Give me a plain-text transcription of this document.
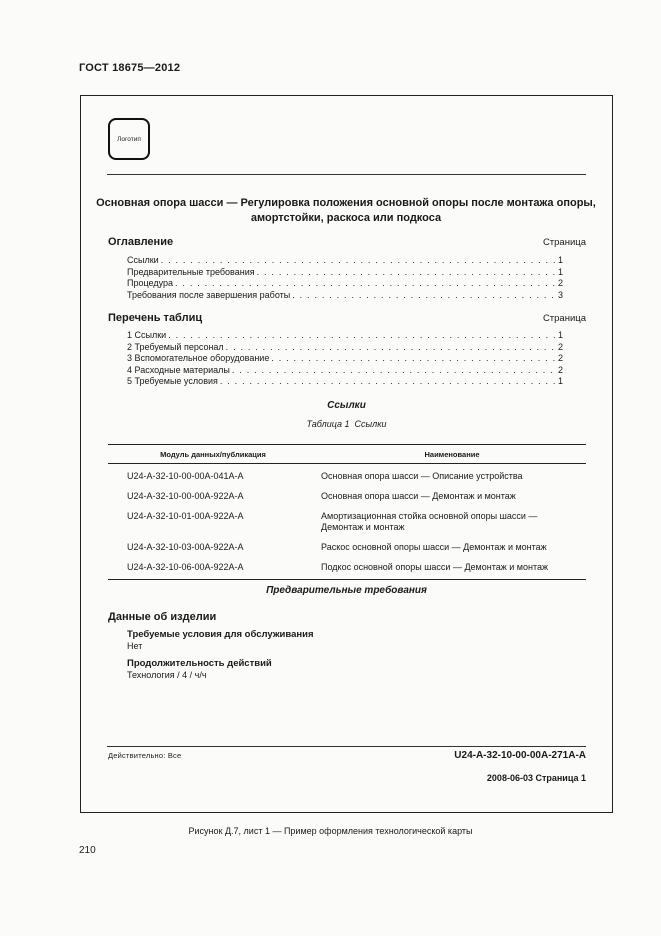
ГОСТ 18675—2012
Логотип
Основная опора шасси — Регулировка положения основной опоры после монтажа опоры,
амортстойки, раскоса или подкоса
Оглавление	Страница
Ссылки . . .	1
Предварительные требования . . .	1
Процедура . . .	2
Требования после завершения работы . . .	3
Перечень таблиц	Страница
1 Ссылки . . .	1
2 Требуемый персонал . . .	2
3 Вспомогательное оборудование . . .	2
4 Расходные материалы . . .	2
5 Требуемые условия . . .	1
Ссылки
Таблица 1 Ссылки
Модуль данных/публикация	Наименование
U24-A-32-10-00-00A-041A-A	Основная опора шасси — Описание устройства
U24-A-32-10-00-00A-922A-A	Основная опора шасси — Демонтаж и монтаж
U24-A-32-10-01-00A-922A-A	Амортизационная стойка основной опоры шасси —
Демонтаж и монтаж
U24-A-32-10-03-00A-922A-A	Раскос основной опоры шасси — Демонтаж и монтаж
U24-A-32-10-06-00A-922A-A	Подкос основной опоры шасси — Демонтаж и монтаж
Предварительные требования
Данные об изделии
Требуемые условия для обслуживания
Нет
Продолжительность действий
Технология / 4 / ч/ч
Действительно: Все	U24-A-32-10-00-00A-271A-A
2008-06-03 Страница 1
Рисунок Д.7, лист 1 — Пример оформления технологической карты
210
